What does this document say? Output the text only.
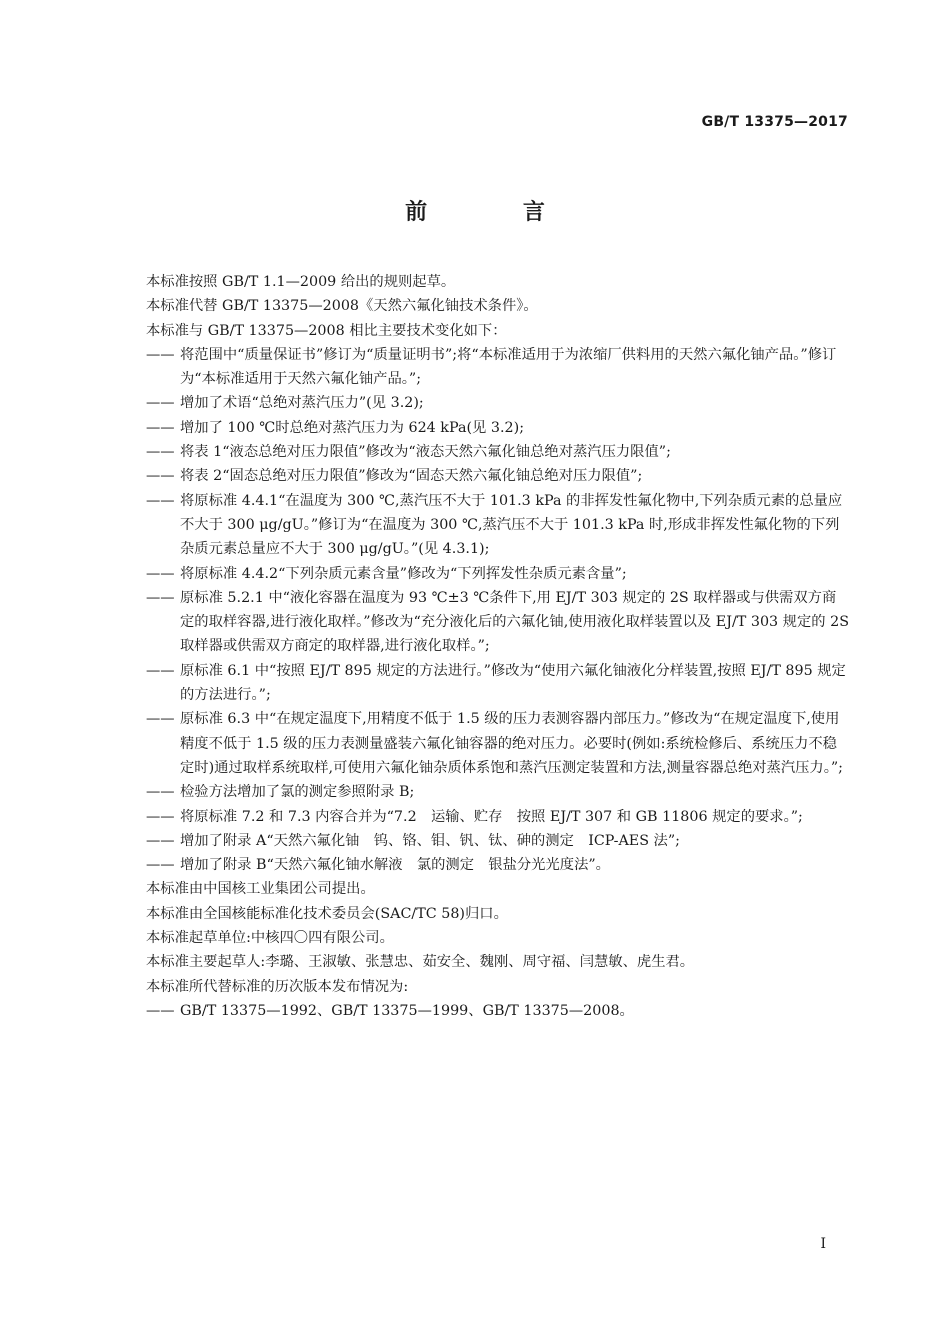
GB/T 13375—2017
前 言

本标准按照 GB/T 1.1—2009 给出的规则起草。

本标准代替 GB/T 13375—2008《天然六氟化铀技术条件》。

本标准与 GB/T 13375—2008 相比主要技术变化如下：

—— 将范围中“质量保证书”修订为“质量证明书”;将“本标准适用于为浓缩厂供料用的天然六氟化铀产品。”修订为“本标准适用于天然六氟化铀产品。”;

—— 增加了术语“总绝对蒸汽压力”(见 3.2);

—— 增加了 100 ℃时总绝对蒸汽压力为 624 kPa(见 3.2);

—— 将表 1“液态总绝对压力限值”修改为“液态天然六氟化铀总绝对蒸汽压力限值”;

—— 将表 2“固态总绝对压力限值”修改为“固态天然六氟化铀总绝对压力限值”;

—— 将原标准 4.4.1“在温度为 300 ℃,蒸汽压不大于 101.3 kPa 的非挥发性氟化物中,下列杂质元素的总量应不大于 300 μg/gU。”修订为“在温度为 300 ℃,蒸汽压不大于 101.3 kPa 时,形成非挥发性氟化物的下列杂质元素总量应不大于 300 μg/gU。”(见 4.3.1);

—— 将原标准 4.4.2“下列杂质元素含量”修改为“下列挥发性杂质元素含量”;

—— 原标准 5.2.1 中“液化容器在温度为 93 ℃±3 ℃条件下,用 EJ/T 303 规定的 2S 取样器或与供需双方商定的取样容器,进行液化取样。”修改为“充分液化后的六氟化铀,使用液化取样装置以及 EJ/T 303 规定的 2S 取样器或供需双方商定的取样器,进行液化取样。”;

—— 原标准 6.1 中“按照 EJ/T 895 规定的方法进行。”修改为“使用六氟化铀液化分样装置,按照 EJ/T 895 规定的方法进行。”;

—— 原标准 6.3 中“在规定温度下,用精度不低于 1.5 级的压力表测容器内部压力。”修改为“在规定温度下,使用精度不低于 1.5 级的压力表测量盛装六氟化铀容器的绝对压力。必要时(例如:系统检修后、系统压力不稳定时)通过取样系统取样,可使用六氟化铀杂质体系饱和蒸汽压测定装置和方法,测量容器总绝对蒸汽压力。”;

—— 检验方法增加了氯的测定参照附录 B;

—— 将原标准 7.2 和 7.3 内容合并为“7.2　运输、贮存　按照 EJ/T 307 和 GB 11806 规定的要求。”;

—— 增加了附录 A“天然六氟化铀　钨、铬、钼、钒、钛、砷的测定　ICP-AES 法”;

—— 增加了附录 B“天然六氟化铀水解液　氯的测定　银盐分光光度法”。

本标准由中国核工业集团公司提出。

本标准由全国核能标准化技术委员会(SAC/TC 58)归口。

本标准起草单位:中核四〇四有限公司。

本标准主要起草人:李璐、王淑敏、张慧忠、茹安全、魏刚、周守福、闫慧敏、虎生君。

本标准所代替标准的历次版本发布情况为:

—— GB/T 13375—1992、GB/T 13375—1999、GB/T 13375—2008。

I
